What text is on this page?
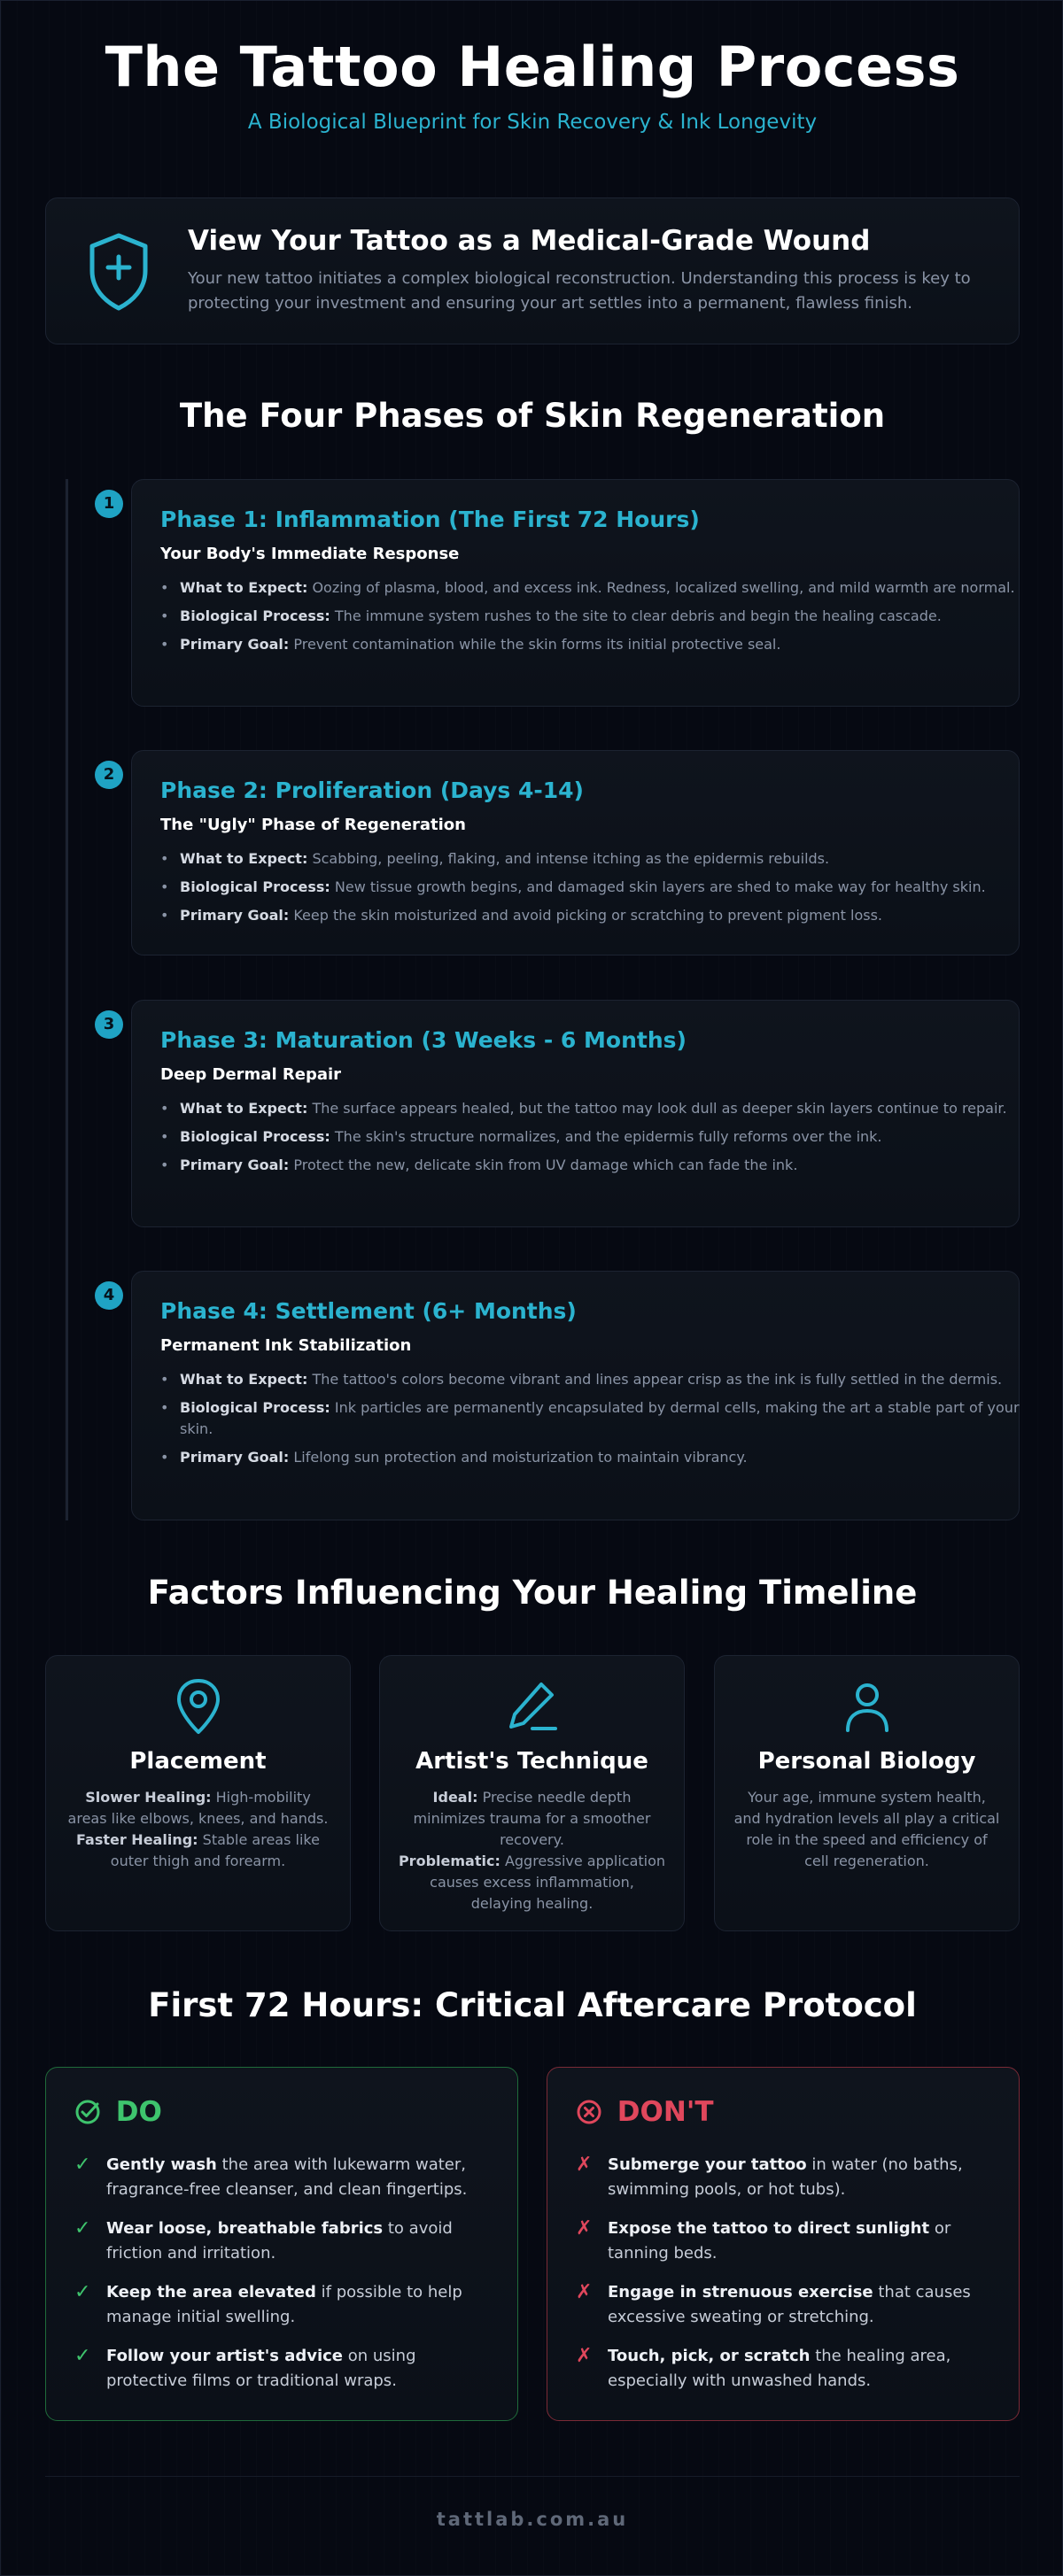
The Tattoo Healing Process
A Biological Blueprint for Skin Recovery & Ink Longevity
View Your Tattoo as a Medical-Grade Wound

Your new tattoo initiates a complex biological reconstruction. Understanding this process is key to protecting your investment and ensuring your art settles into a permanent, flawless finish.

The Four Phases of Skin Regeneration
1
Phase 1: Inflammation (The First 72 Hours)
Your Body's Immediate Response
• What to Expect: Oozing of plasma, blood, and excess ink. Redness, localized swelling, and mild warmth are normal.
• Biological Process: The immune system rushes to the site to clear debris and begin the healing cascade.
• Primary Goal: Prevent contamination while the skin forms its initial protective seal.
2
Phase 2: Proliferation (Days 4-14)
The "Ugly" Phase of Regeneration
• What to Expect: Scabbing, peeling, flaking, and intense itching as the epidermis rebuilds.
• Biological Process: New tissue growth begins, and damaged skin layers are shed to make way for healthy skin.
• Primary Goal: Keep the skin moisturized and avoid picking or scratching to prevent pigment loss.
3
Phase 3: Maturation (3 Weeks - 6 Months)
Deep Dermal Repair
• What to Expect: The surface appears healed, but the tattoo may look dull as deeper skin layers continue to repair.
• Biological Process: The skin's structure normalizes, and the epidermis fully reforms over the ink.
• Primary Goal: Protect the new, delicate skin from UV damage which can fade the ink.
4
Phase 4: Settlement (6+ Months)
Permanent Ink Stabilization
• What to Expect: The tattoo's colors become vibrant and lines appear crisp as the ink is fully settled in the dermis.
• Biological Process: Ink particles are permanently encapsulated by dermal cells, making the art a stable part of your skin.
• Primary Goal: Lifelong sun protection and moisturization to maintain vibrancy.
Factors Influencing Your Healing Timeline
Placement
Slower Healing: High-mobility areas like elbows, knees, and hands.
Faster Healing: Stable areas like outer thigh and forearm.
Artist's Technique
Ideal: Precise needle depth minimizes trauma for a smoother recovery.
Problematic: Aggressive application causes excess inflammation, delaying healing.
Personal Biology
Your age, immune system health, and hydration levels all play a critical role in the speed and efficiency of cell regeneration.
First 72 Hours: Critical Aftercare Protocol
DO
✓ Gently wash the area with lukewarm water, fragrance-free cleanser, and clean fingertips.
✓ Wear loose, breathable fabrics to avoid friction and irritation.
✓ Keep the area elevated if possible to help manage initial swelling.
✓ Follow your artist's advice on using protective films or traditional wraps.
DON'T
✗ Submerge your tattoo in water (no baths, swimming pools, or hot tubs).
✗ Expose the tattoo to direct sunlight or tanning beds.
✗ Engage in strenuous exercise that causes excessive sweating or stretching.
✗ Touch, pick, or scratch the healing area, especially with unwashed hands.
tattlab.com.au
